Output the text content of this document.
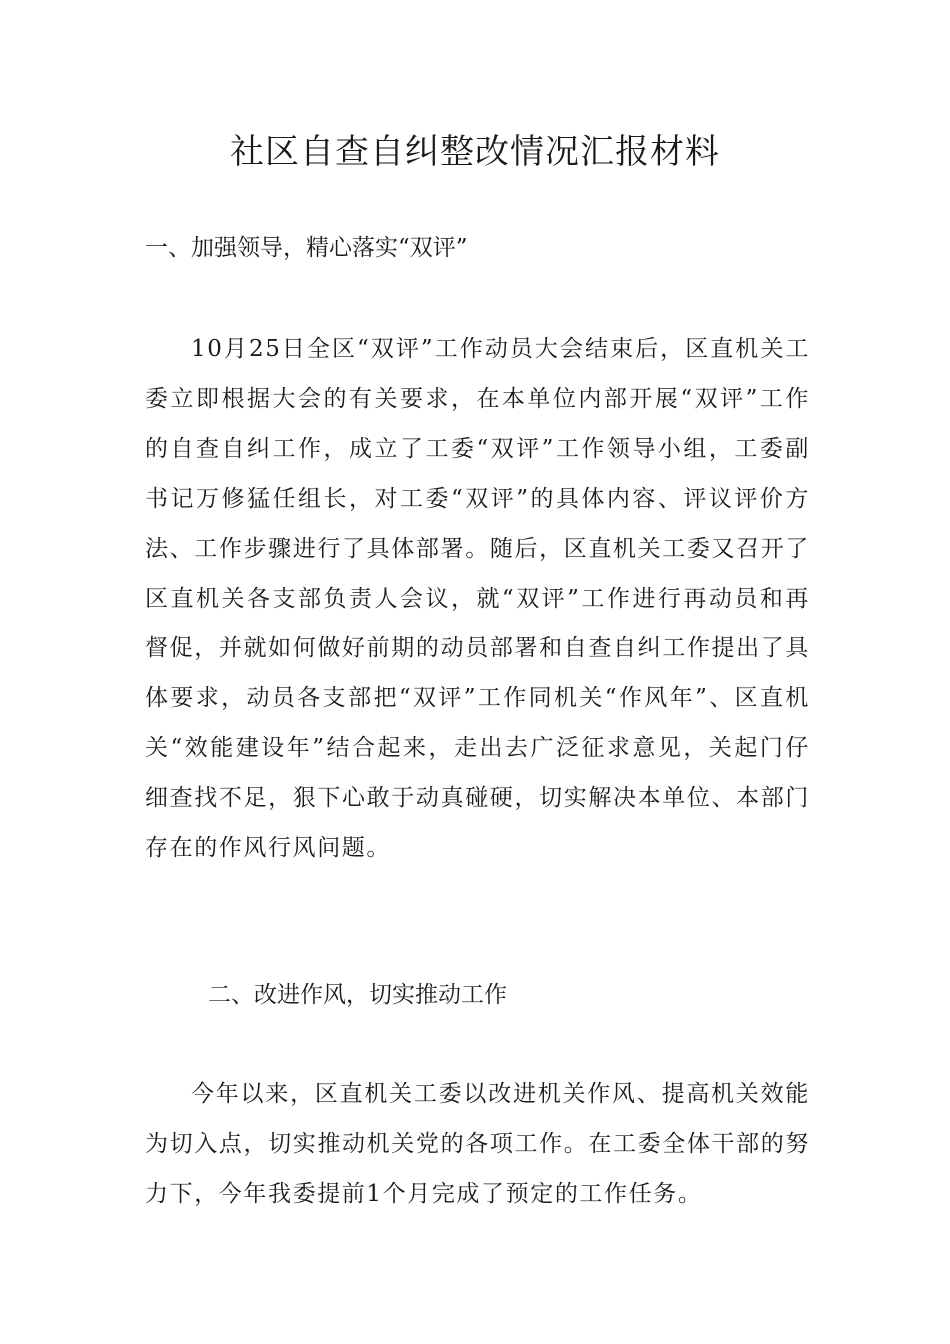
社区自查自纠整改情况汇报材料
一、加强领导，精心落实“双评”

10月25日全区“双评”工作动员大会结束后，区直机关工委立即根据大会的有关要求，在本单位内部开展“双评”工作的自查自纠工作，成立了工委“双评”工作领导小组，工委副书记万修猛任组长，对工委“双评”的具体内容、评议评价方法、工作步骤进行了具体部署。随后，区直机关工委又召开了区直机关各支部负责人会议，就“双评”工作进行再动员和再督促，并就如何做好前期的动员部署和自查自纠工作提出了具体要求，动员各支部把“双评”工作同机关“作风年”、区直机关“效能建设年”结合起来，走出去广泛征求意见，关起门仔细查找不足，狠下心敢于动真碰硬，切实解决本单位、本部门存在的作风行风问题。

二、改进作风，切实推动工作

今年以来，区直机关工委以改进机关作风、提高机关效能为切入点，切实推动机关党的各项工作。在工委全体干部的努力下，今年我委提前1个月完成了预定的工作任务。
